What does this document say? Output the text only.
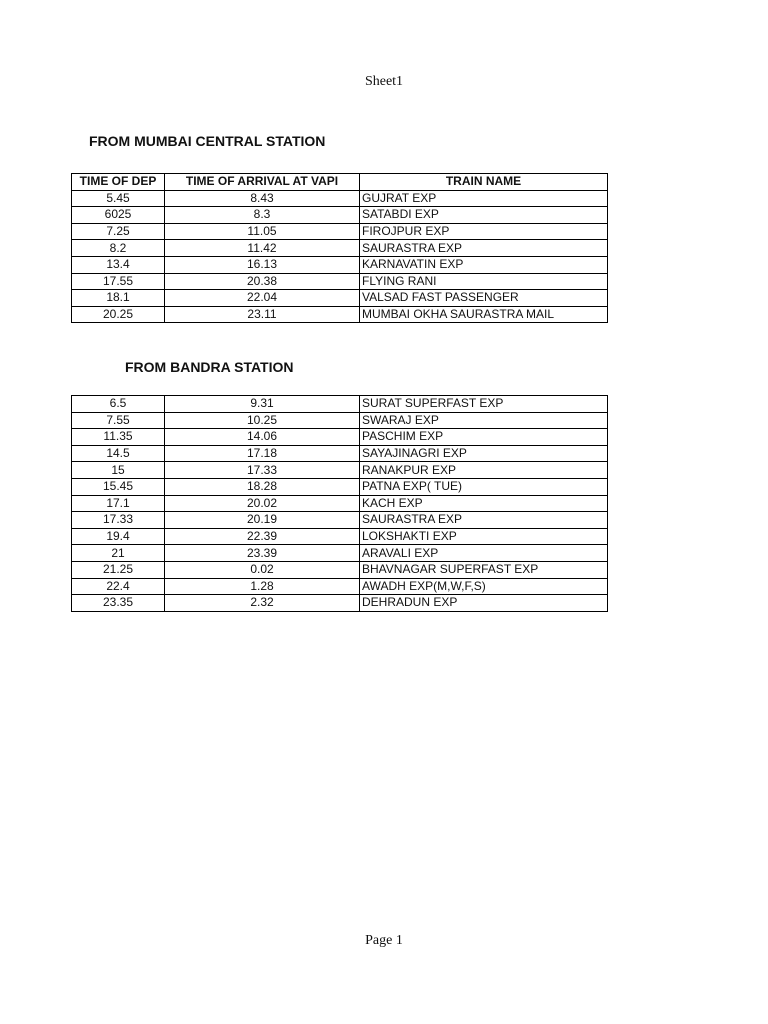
Sheet1
FROM MUMBAI CENTRAL STATION
TIME OF DEP	TIME OF ARRIVAL AT VAPI	TRAIN NAME
5.45	8.43	GUJRAT EXP
6025	8.3	SATABDI EXP
7.25	11.05	FIROJPUR EXP
8.2	11.42	SAURASTRA EXP
13.4	16.13	KARNAVATIN EXP
17.55	20.38	FLYING RANI
18.1	22.04	VALSAD FAST PASSENGER
20.25	23.11	MUMBAI OKHA SAURASTRA MAIL
FROM BANDRA STATION
6.5	9.31	SURAT SUPERFAST EXP
7.55	10.25	SWARAJ EXP
11.35	14.06	PASCHIM EXP
14.5	17.18	SAYAJINAGRI EXP
15	17.33	RANAKPUR EXP
15.45	18.28	PATNA EXP( TUE)
17.1	20.02	KACH EXP
17.33	20.19	SAURASTRA EXP
19.4	22.39	LOKSHAKTI EXP
21	23.39	ARAVALI EXP
21.25	0.02	BHAVNAGAR SUPERFAST EXP
22.4	1.28	AWADH EXP(M,W,F,S)
23.35	2.32	DEHRADUN EXP
Page 1
